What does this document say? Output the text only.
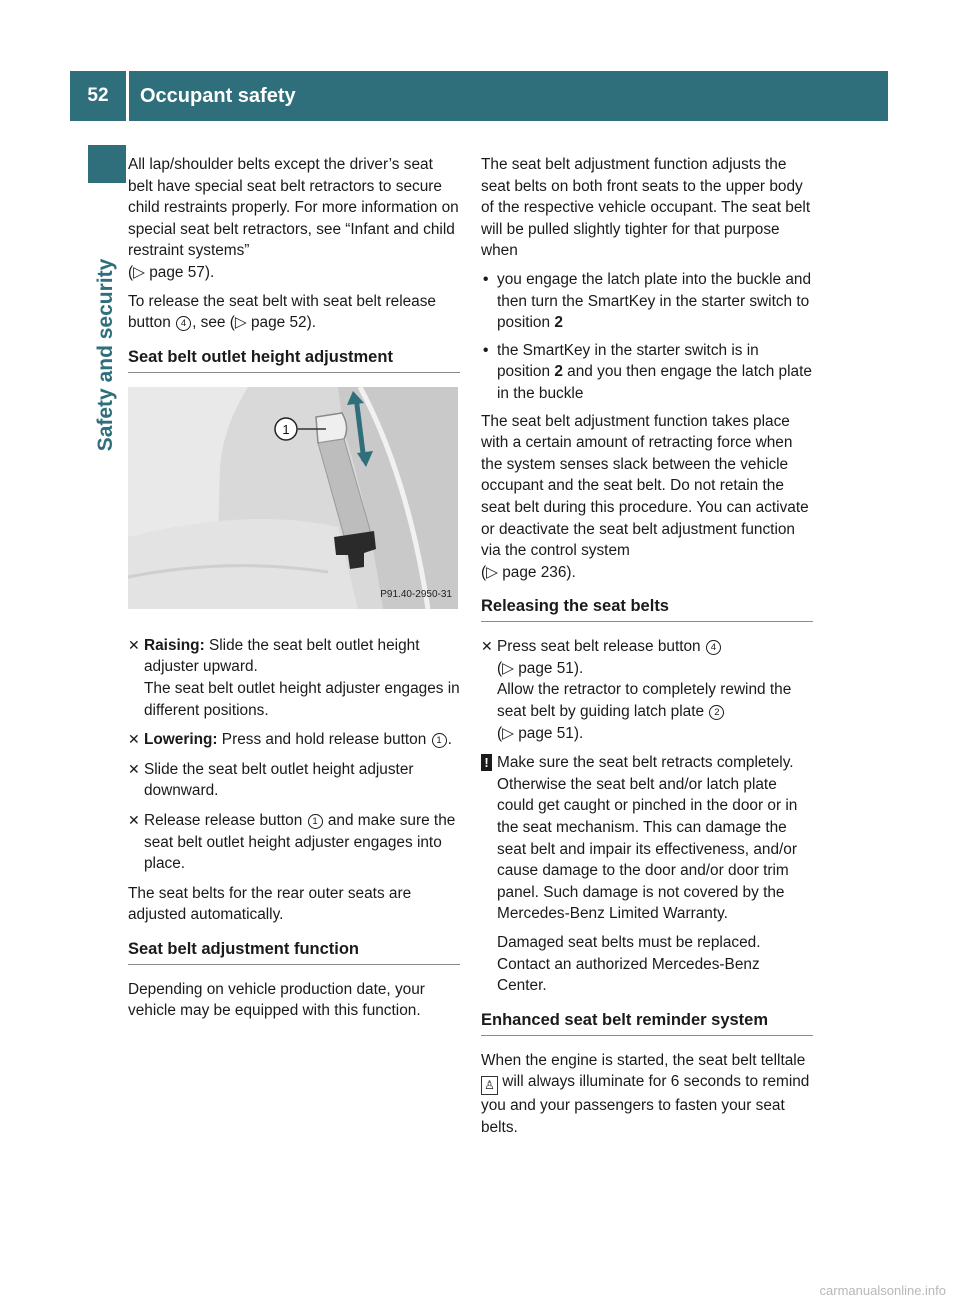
52	Occupant safety
Safety and security

All lap/shoulder belts except the driver’s seat belt have special seat belt retractors to secure child restraints properly. For more information on special seat belt retractors, see “Infant and child restraint systems”
(▷ page 57).

To release the seat belt with seat belt release button 4 , see (▷ page 52).

Seat belt outlet height adjustment
1
P91.40-2950-31
✕ Raising: Slide the seat belt outlet height adjuster upward.
The seat belt outlet height adjuster engages in different positions.
✕ Lowering: Press and hold release button 1 .
✕ Slide the seat belt outlet height adjuster downward.
✕ Release release button 1 and make sure the seat belt outlet height adjuster engages into place.

The seat belts for the rear outer seats are adjusted automatically.

Seat belt adjustment function

Depending on vehicle production date, your vehicle may be equipped with this function.

The seat belt adjustment function adjusts the seat belts on both front seats to the upper body of the respective vehicle occupant. The seat belt will be pulled slightly tighter for that purpose when

• you engage the latch plate into the buckle and then turn the SmartKey in the starter switch to position 2
• the SmartKey in the starter switch is in position 2 and you then engage the latch plate in the buckle

The seat belt adjustment function takes place with a certain amount of retracting force when the system senses slack between the vehicle occupant and the seat belt. Do not retain the seat belt during this procedure. You can activate or deactivate the seat belt adjustment function via the control system
(▷ page 236).

Releasing the seat belts
✕ Press seat belt release button 4
(▷ page 51).
Allow the retractor to completely rewind the seat belt by guiding latch plate 2
(▷ page 51).
! Make sure the seat belt retracts completely. Otherwise the seat belt and/or latch plate could get caught or pinched in the door or in the seat mechanism. This can damage the seat belt and impair its effectiveness, and/or cause damage to the door and/or door trim panel. Such damage is not covered by the Mercedes-Benz Limited Warranty.

Damaged seat belts must be replaced. Contact an authorized Mercedes-Benz Center.

Enhanced seat belt reminder system

When the engine is started, the seat belt telltale ♙ will always illuminate for 6 seconds to remind you and your passengers to fasten your seat belts.

carmanualsonline.info
